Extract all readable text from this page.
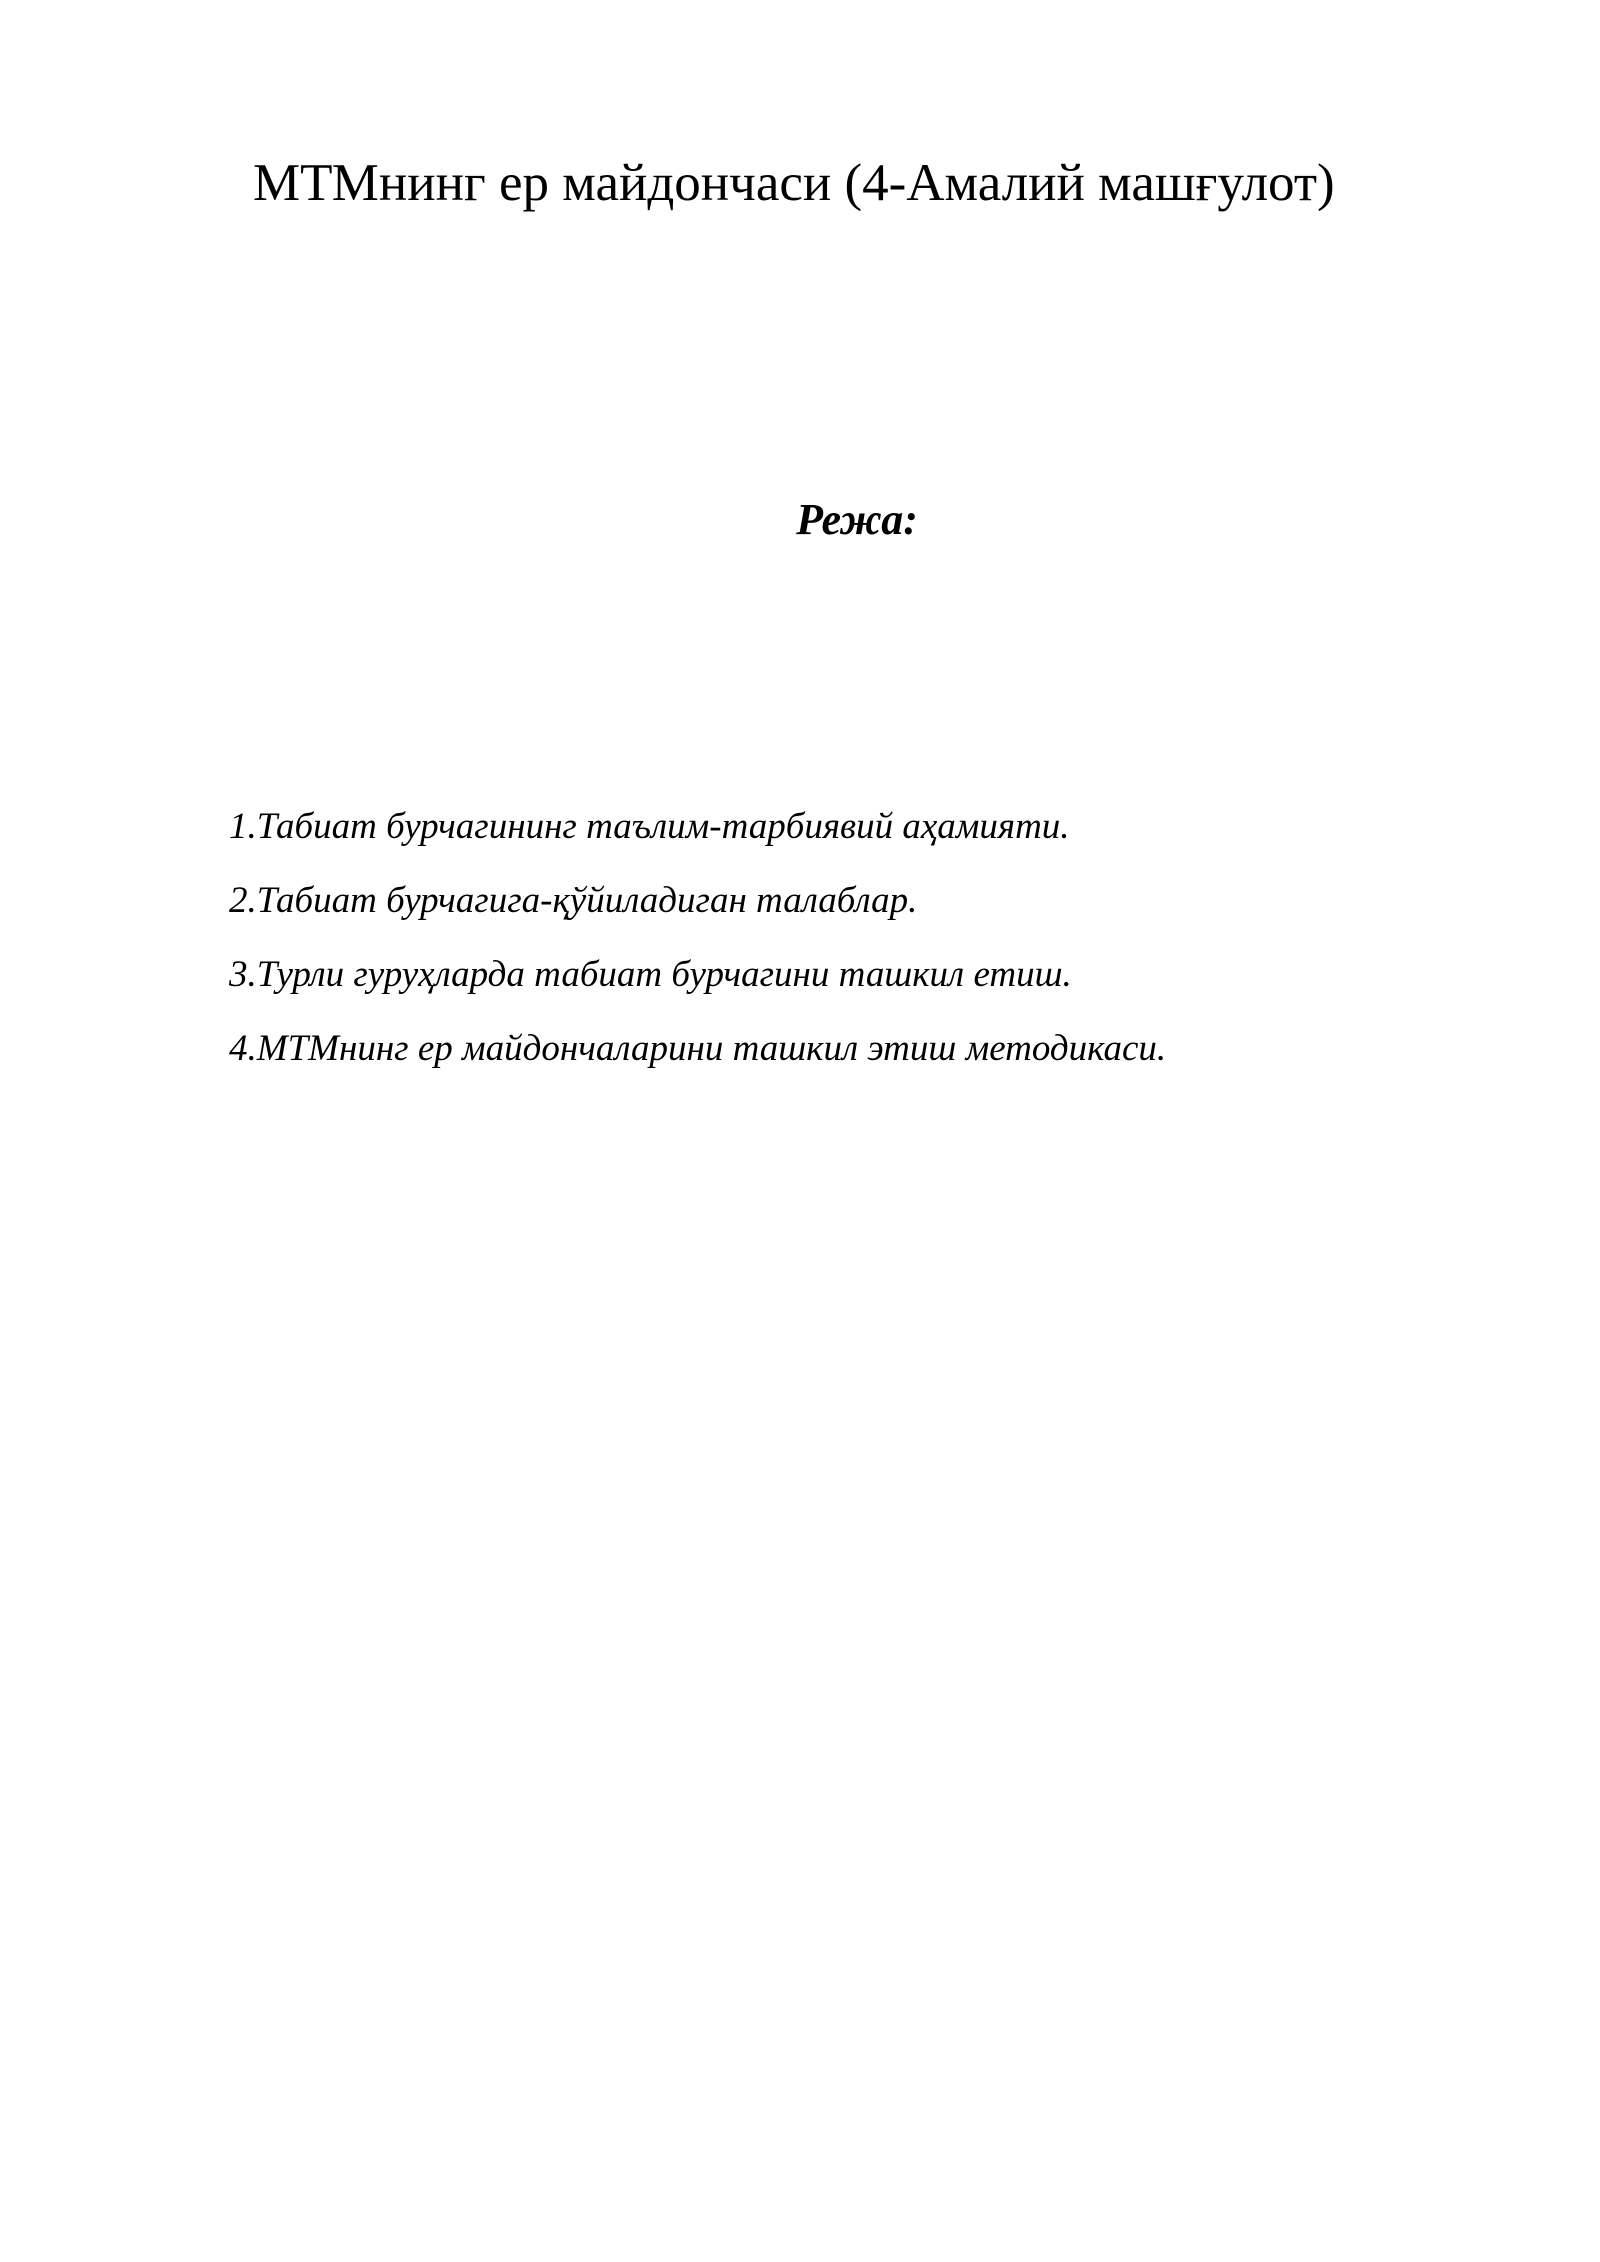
МТМнинг ер майдончаси (4-Амалий машғулот)
Режа:
1.Табиат бурчагининг таълим-тарбиявий аҳамияти.
2.Табиат бурчагига-қўйиладиган талаблар.
3.Турли гуруҳларда табиат бурчагини ташкил етиш.
4.МТМнинг ер майдончаларини ташкил этиш методикаси.
